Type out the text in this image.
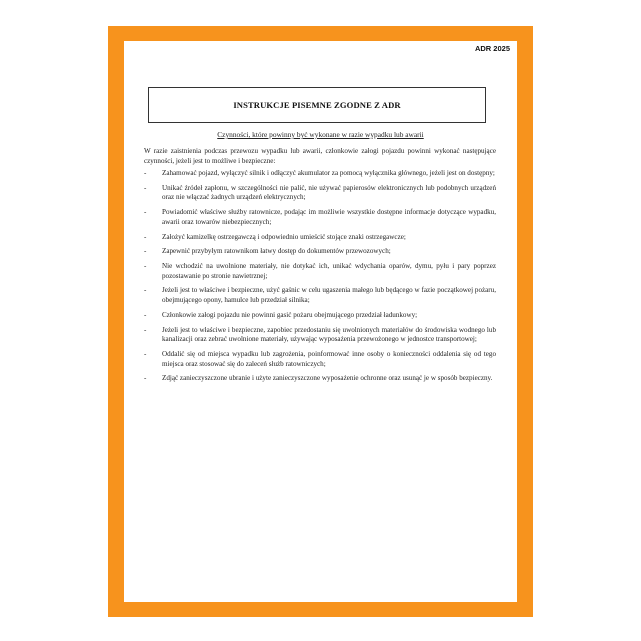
ADR 2025
INSTRUKCJE PISEMNE ZGODNE Z ADR
Czynności, które powinny być wykonane w razie wypadku lub awarii
W razie zaistnienia podczas przewozu wypadku lub awarii, członkowie załogi pojazdu powinni wykonać następujące czynności, jeżeli jest to możliwe i bezpieczne:
- Zahamować pojazd, wyłączyć silnik i odłączyć akumulator za pomocą wyłącznika głównego, jeżeli jest on dostępny;
- Unikać źródeł zapłonu, w szczególności nie palić, nie używać papierosów elektronicznych lub podobnych urządzeń oraz nie włączać żadnych urządzeń elektrycznych;
- Powiadomić właściwe służby ratownicze, podając im możliwie wszystkie dostępne informacje dotyczące wypadku, awarii oraz towarów niebezpiecznych;
- Założyć kamizelkę ostrzegawczą i odpowiednio umieścić stojące znaki ostrzegawcze;
- Zapewnić przybyłym ratownikom łatwy dostęp do dokumentów przewozowych;
- Nie wchodzić na uwolnione materiały, nie dotykać ich, unikać wdychania oparów, dymu, pyłu i pary poprzez pozostawanie po stronie nawietrznej;
- Jeżeli jest to właściwe i bezpieczne, użyć gaśnic w celu ugaszenia małego lub będącego w fazie początkowej pożaru, obejmującego opony, hamulce lub przedział silnika;
- Członkowie załogi pojazdu nie powinni gasić pożaru obejmującego przedział ładunkowy;
- Jeżeli jest to właściwe i bezpieczne, zapobiec przedostaniu się uwolnionych materiałów do środowiska wodnego lub kanalizacji oraz zebrać uwolnione materiały, używając wyposażenia przewożonego w jednostce transportowej;
- Oddalić się od miejsca wypadku lub zagrożenia, poinformować inne osoby o konieczności oddalenia się od tego miejsca oraz stosować się do zaleceń służb ratowniczych;
- Zdjąć zanieczyszczone ubranie i użyte zanieczyszczone wyposażenie ochronne oraz usunąć je w sposób bezpieczny.
